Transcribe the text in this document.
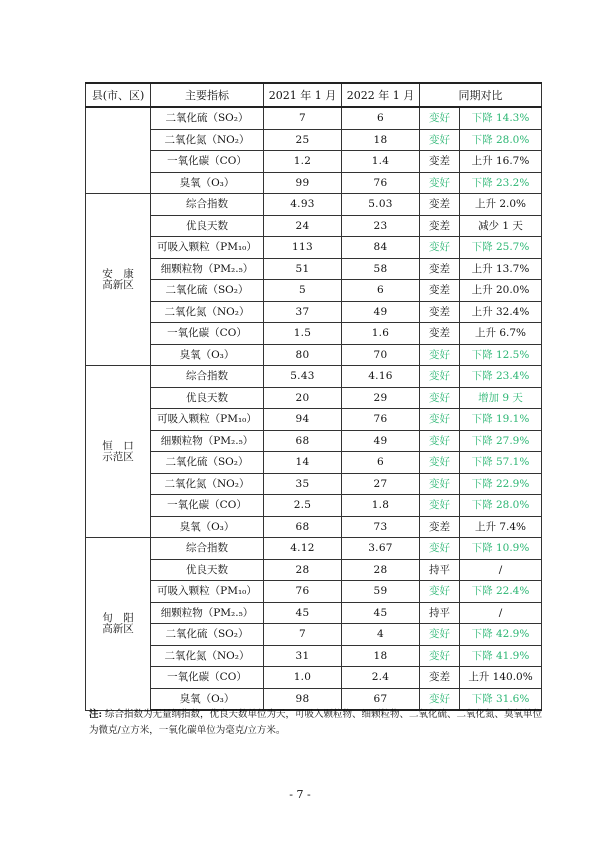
县(市、区)	主要指标	2021 年 1 月	2022 年 1 月	同期对比	
	二氧化硫（SO₂）	7	6	变好	下降 14.3%
	二氧化氮（NO₂）	25	18	变好	下降 28.0%
	一氧化碳（CO）	1.2	1.4	变差	上升 16.7%
	臭氧（O₃）	99	76	变好	下降 23.2%

安　康
高新区	综合指数	4.93	5.03	变差	上升 2.0%
	优良天数	24	23	变差	减少 1 天
	可吸入颗粒（PM₁₀）	113	84	变好	下降 25.7%
	细颗粒物（PM₂.₅）	51	58	变差	上升 13.7%
	二氧化硫（SO₂）	5	6	变差	上升 20.0%
	二氧化氮（NO₂）	37	49	变差	上升 32.4%
	一氧化碳（CO）	1.5	1.6	变差	上升 6.7%
	臭氧（O₃）	80	70	变好	下降 12.5%

恒　口
示范区	综合指数	5.43	4.16	变好	下降 23.4%
	优良天数	20	29	变好	增加 9 天
	可吸入颗粒（PM₁₀）	94	76	变好	下降 19.1%
	细颗粒物（PM₂.₅）	68	49	变好	下降 27.9%
	二氧化硫（SO₂）	14	6	变好	下降 57.1%
	二氧化氮（NO₂）	35	27	变好	下降 22.9%
	一氧化碳（CO）	2.5	1.8	变好	下降 28.0%
	臭氧（O₃）	68	73	变差	上升 7.4%

旬　阳
高新区	综合指数	4.12	3.67	变好	下降 10.9%
	优良天数	28	28	持平	/
	可吸入颗粒（PM₁₀）	76	59	变好	下降 22.4%
	细颗粒物（PM₂.₅）	45	45	持平	/
	二氧化硫（SO₂）	7	4	变好	下降 42.9%
	二氧化氮（NO₂）	31	18	变好	下降 41.9%
	一氧化碳（CO）	1.0	2.4	变差	上升 140.0%
	臭氧（O₃）	98	67	变好	下降 31.6%
注: 综合指数为无量纲指数，优良天数单位为天，可吸入颗粒物、细颗粒物、二氧化硫、二氧化氮、臭氧单位为微克/立方米，一氧化碳单位为毫克/立方米。
- 7 -
